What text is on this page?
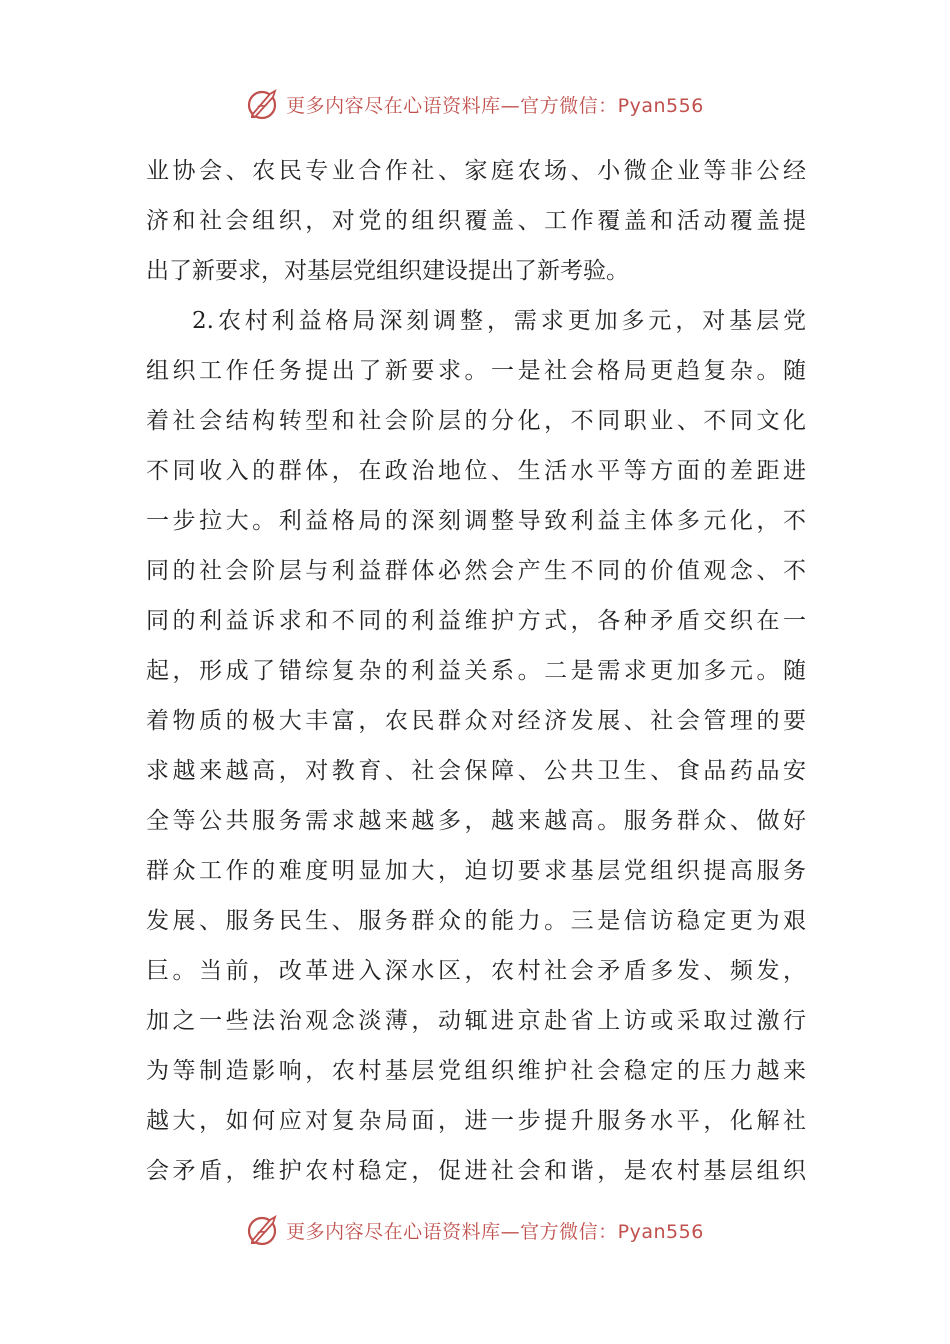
更多内容尽在心语资料库—官方微信：Pyan556
业协会、农民专业合作社、家庭农场、小微企业等非公经
济和社会组织，对党的组织覆盖、工作覆盖和活动覆盖提
出了新要求，对基层党组织建设提出了新考验。
2.农村利益格局深刻调整，需求更加多元，对基层党
组织工作任务提出了新要求。一是社会格局更趋复杂。随
着社会结构转型和社会阶层的分化，不同职业、不同文化
不同收入的群体，在政治地位、生活水平等方面的差距进
一步拉大。利益格局的深刻调整导致利益主体多元化，不
同的社会阶层与利益群体必然会产生不同的价值观念、不
同的利益诉求和不同的利益维护方式，各种矛盾交织在一
起，形成了错综复杂的利益关系。二是需求更加多元。随
着物质的极大丰富，农民群众对经济发展、社会管理的要
求越来越高，对教育、社会保障、公共卫生、食品药品安
全等公共服务需求越来越多，越来越高。服务群众、做好
群众工作的难度明显加大，迫切要求基层党组织提高服务
发展、服务民生、服务群众的能力。三是信访稳定更为艰
巨。当前，改革进入深水区，农村社会矛盾多发、频发，
加之一些法治观念淡薄，动辄进京赴省上访或采取过激行
为等制造影响，农村基层党组织维护社会稳定的压力越来
越大，如何应对复杂局面，进一步提升服务水平，化解社
会矛盾，维护农村稳定，促进社会和谐，是农村基层组织
更多内容尽在心语资料库—官方微信：Pyan556
